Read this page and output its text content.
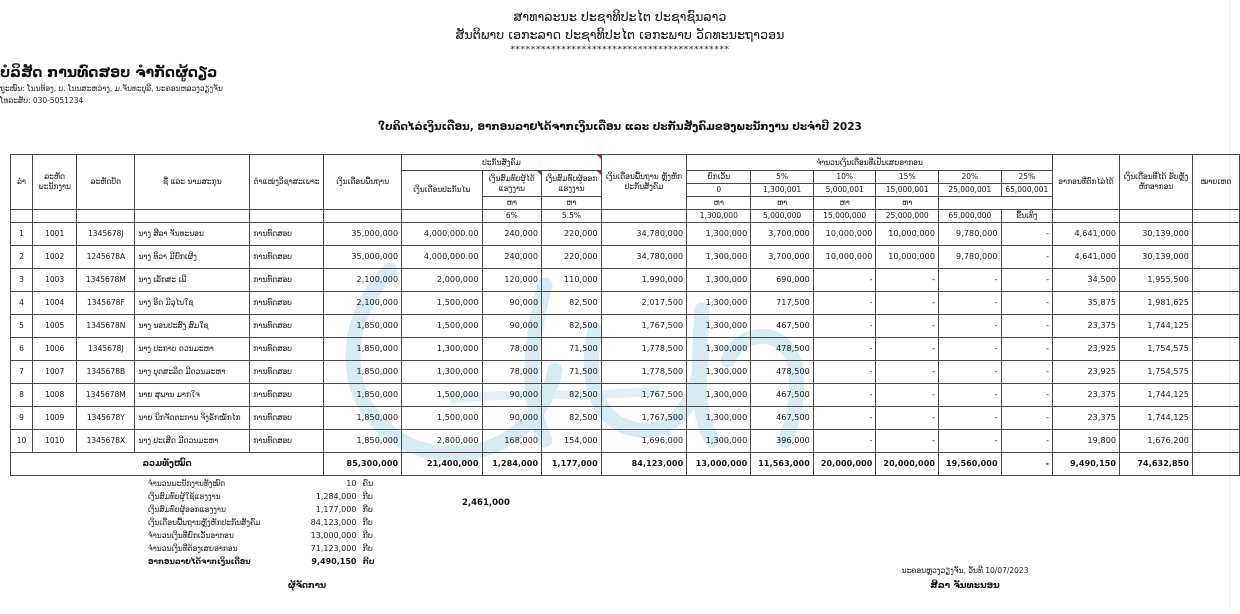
ສາທາລະນະ ປະຊາທິປະໄຕ ປະຊາຊົນລາວ
ສັນຕິພາບ ເອກະລາດ ປະຊາທິປະໄຕ ເອກະພາບ ວັດທະນະຖາວອນ
*******************************************
ບໍລິສັດ ການທົດສອບ ຈຳກັດຜູ້ດຽວ
ຖຸະໜົນ: ໂນນທ້ອງ, ບ. ໂນນສະຫວ່າງ, ມ.ຈັນທະບຸລີ, ນະຄອນຫລວງວຽງຈັນ
ໂທລະສັບ: 030-5051234
ໃບຄິດໄລ່ເງິນເດືອນ, ອາກອນລາຍໄດ້ຈາກເງິນເດືອນ ແລະ ປະກັນສັງຄົມຂອງພະນັກງານ ປະຈຳປີ 2023
ລຳ	ລະຫັດ ພະນັກງານ	ລະຫັດບັດ	ຊື່ ແລະ ນາມສະກຸນ	ຕຳແໜ່ງວິຊາສະເພາະ	ເງິນເດືອນພື້ນຖານ	ປະກັນສັງຄົມ			ເງິນເດືອນພື້ນຖານ ຫຼັງຫັກປະກັນສັງຄົມ	ຈຳນວນເງິນເດືອນທີ່ເປັນເສຍອາກອນ						ອາກອນທີ່ຕົກໄລ່ໄດ້	ເງິນເດືອນທີ່ໄດ້ ຮັບຫຼັງຫັກອາກອນ	ໝາຍເຫດ
						ເງິນເດືອນປະກັນໄພ	ເງິນສົມທົບຜູ້ໄດ້ແຮງງານ	ເງິນສົມທົບຜູ້ອອກແຮງງານ		ຍົກເວັ້ນ	5%	10%	15%	20%	25%			
										0	1,300,001	5,000,001	15,000,001	25,000,001	65,000,001			
							ຫາ	ຫາ		ຫາ	ຫາ	ຫາ	ຫາ					
							6%	5.5%		1,300,000	5,000,000	15,000,000	25,000,000	65,000,000	ຂຶ້ນເທິງ			
1	1001	1345678J	ນາງ ສີລາ ຈັນທະນອນ	ການທົດສອບ	35,000,000	4,000,000.00	240,000	220,000	34,780,000	1,300,000	3,700,000	10,000,000	10,000,000	9,780,000	-	4,641,000	30,139,000	
2	1002	1245678A	ນາງ ທິວາ ມີຍົກເຜີງ	ການທົດສອບ	35,000,000	4,000,000.00	240,000	220,000	34,780,000	1,300,000	3,700,000	10,000,000	10,000,000	9,780,000	-	4,641,000	30,139,000	
3	1003	1345678M	ນາງ ເລັກສະ ເພີ	ການທົດສອບ	2,100,000	2,000,000	120,000	110,000	1,990,000	1,300,000	690,000	-	-	-	-	34,500	1,955,500	
4	1004	1345678F	ນາງ ອິດ ມີວຸໄນໃຊ	ການທົດສອບ	2,100,000	1,500,000	90,000	82,500	2,017,500	1,300,000	717,500	-	-	-	-	35,875	1,981,625	
5	1005	1345678N	ນາງ ນອນປະສົງ ສົມໃຊ	ການທົດສອບ	1,850,000	1,500,000	90,000	82,500	1,767,500	1,300,000	467,500	-	-	-	-	23,375	1,744,125	
6	1006	1345678J	ນາງ ປະກາບ ດວນມະຫາ	ການທົດສອບ	1,850,000	1,300,000	78,000	71,500	1,778,500	1,300,000	478,500	-	-	-	-	23,925	1,754,575	
7	1007	1345678B	ນາງ ບຸດສະລິດ ມີດວນມະຫາ	ການທົດສອບ	1,850,000	1,300,000	78,000	71,500	1,778,500	1,300,000	478,500	-	-	-	-	23,925	1,754,575	
8	1008	1345678M	ນາຍ ສຸພານ ມາກໃຈ	ການທົດສອບ	1,850,000	1,500,000	90,000	82,500	1,767,500	1,300,000	467,500	-	-	-	-	23,375	1,744,125	
9	1009	1345678Y	ນາຍ ນິກຈັດຕະການ ຈິງຣັກໝັກໄກ	ການທົດສອບ	1,850,000	1,500,000	90,000	82,500	1,767,500	1,300,000	467,500	-	-	-	-	23,375	1,744,125	
10	1010	1345678X	ນາງ ປະເສີດ ມີດວນມະຫາ	ການທົດສອບ	1,850,000	2,800,000	168,000	154,000	1,696,000	1,300,000	396,000	-	-	-	-	19,800	1,676,200	
ລວມທັງໝົດ					85,300,000	21,400,000	1,284,000	1,177,000	84,123,000	13,000,000	11,563,000	20,000,000	20,000,000	19,560,000	-	9,490,150	74,632,850	
ຈຳນວນພະນັກງານທັງໝົດ	10	ຄົນ
ເງິນສົມທົບຜູ້ໃຊ້ແຮງງານ	1,284,000	ກີບ
ເງິນສົມທົບຜູ້ອອກແຮງງານ	1,177,000	ກີບ
ເງິນເດືອນພື້ນຖານຫຼັງຫັກປະກັນສັງຄົມ	84,123,000	ກີບ
ຈຳນວນເງິນທີ່ຍົກເວັ້ນອາກອນ	13,000,000	ກີບ
ຈຳນວນເງິນທີ່ຕ້ອງເສຍອາກອນ	71,123,000	ກີບ
ອາກອນລາຍໄດ້ຈາກເງິນເດືອນ	9,490,150	ກີບ
2,461,000
ນະຄອນຫຼວງວຽງຈັນ, ວັນທີ 10/07/2023
ສີລາ ຈັນທະນອນ
ຜູ້ຈັດການ
